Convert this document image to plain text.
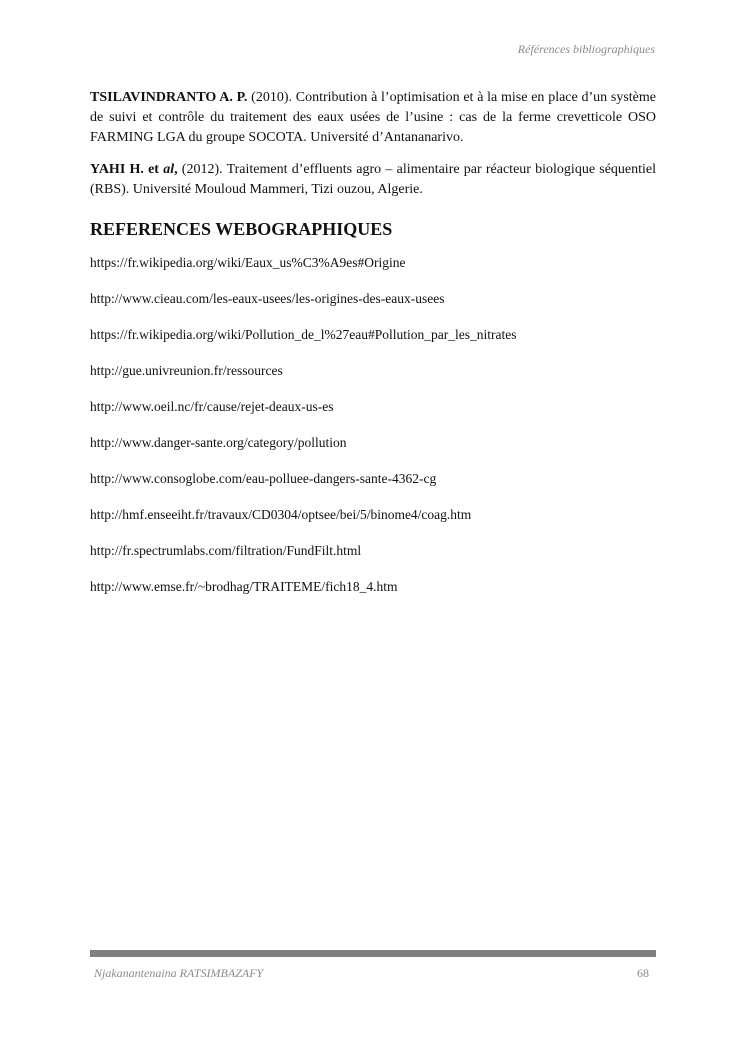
Références bibliographiques

TSILAVINDRANTO A. P. (2010). Contribution à l’optimisation et à la mise en place d’un système de suivi et contrôle du traitement des eaux usées de l’usine : cas de la ferme crevetticole OSO FARMING LGA du groupe SOCOTA. Université d’Antananarivo.

YAHI H. et al, (2012). Traitement d’effluents agro – alimentaire par réacteur biologique séquentiel (RBS). Université Mouloud Mammeri, Tizi ouzou, Algerie.

REFERENCES WEBOGRAPHIQUES
https://fr.wikipedia.org/wiki/Eaux_us%C3%A9es#Origine
http://www.cieau.com/les-eaux-usees/les-origines-des-eaux-usees
https://fr.wikipedia.org/wiki/Pollution_de_l%27eau#Pollution_par_les_nitrates
http://gue.univreunion.fr/ressources
http://www.oeil.nc/fr/cause/rejet-deaux-us-es
http://www.danger-sante.org/category/pollution
http://www.consoglobe.com/eau-polluee-dangers-sante-4362-cg
http://hmf.enseeiht.fr/travaux/CD0304/optsee/bei/5/binome4/coag.htm
http://fr.spectrumlabs.com/filtration/FundFilt.html
http://www.emse.fr/~brodhag/TRAITEME/fich18_4.htm
Njakanantenaina RATSIMBAZAFY	68
